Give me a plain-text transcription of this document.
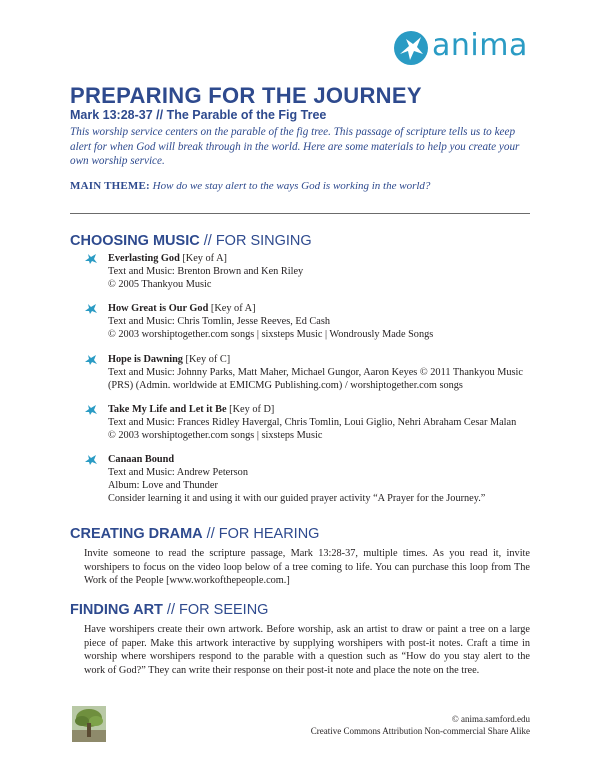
anima
PREPARING FOR THE JOURNEY
Mark 13:28-37 // The Parable of the Fig Tree
This worship service centers on the parable of the fig tree. This passage of scripture tells us to keep alert for when God will break through in the world. Here are some materials to help you create your own worship service.
MAIN THEME: How do we stay alert to the ways God is working in the world?
CHOOSING MUSIC // FOR SINGING
Everlasting God [Key of A]
Text and Music: Brenton Brown and Ken Riley
© 2005 Thankyou Music
How Great is Our God [Key of A]
Text and Music: Chris Tomlin, Jesse Reeves, Ed Cash
© 2003 worshiptogether.com songs | sixsteps Music | Wondrously Made Songs
Hope is Dawning [Key of C]
Text and Music: Johnny Parks, Matt Maher, Michael Gungor, Aaron Keyes © 2011 Thankyou Music (PRS) (Admin. worldwide at EMICMG Publishing.com) / worshiptogether.com songs
Take My Life and Let it Be [Key of D]
Text and Music: Frances Ridley Havergal, Chris Tomlin, Loui Giglio, Nehri Abraham Cesar Malan
© 2003 worshiptogether.com songs | sixsteps Music
Canaan Bound
Text and Music: Andrew Peterson
Album: Love and Thunder
Consider learning it and using it with our guided prayer activity “A Prayer for the Journey.”
CREATING DRAMA // FOR HEARING
Invite someone to read the scripture passage, Mark 13:28-37, multiple times. As you read it, invite worshipers to focus on the video loop below of a tree coming to life. You can purchase this loop from The Work of the People [www.workofthepeople.com.]
FINDING ART // FOR SEEING
Have worshipers create their own artwork. Before worship, ask an artist to draw or paint a tree on a large piece of paper. Make this artwork interactive by supplying worshipers with post-it notes. Craft a time in worship where worshipers respond to the parable with a question such as “How do you stay alert to the work of God?” They can write their response on their post-it note and place the note on the tree.
© anima.samford.edu
Creative Commons Attribution Non-commercial Share Alike
